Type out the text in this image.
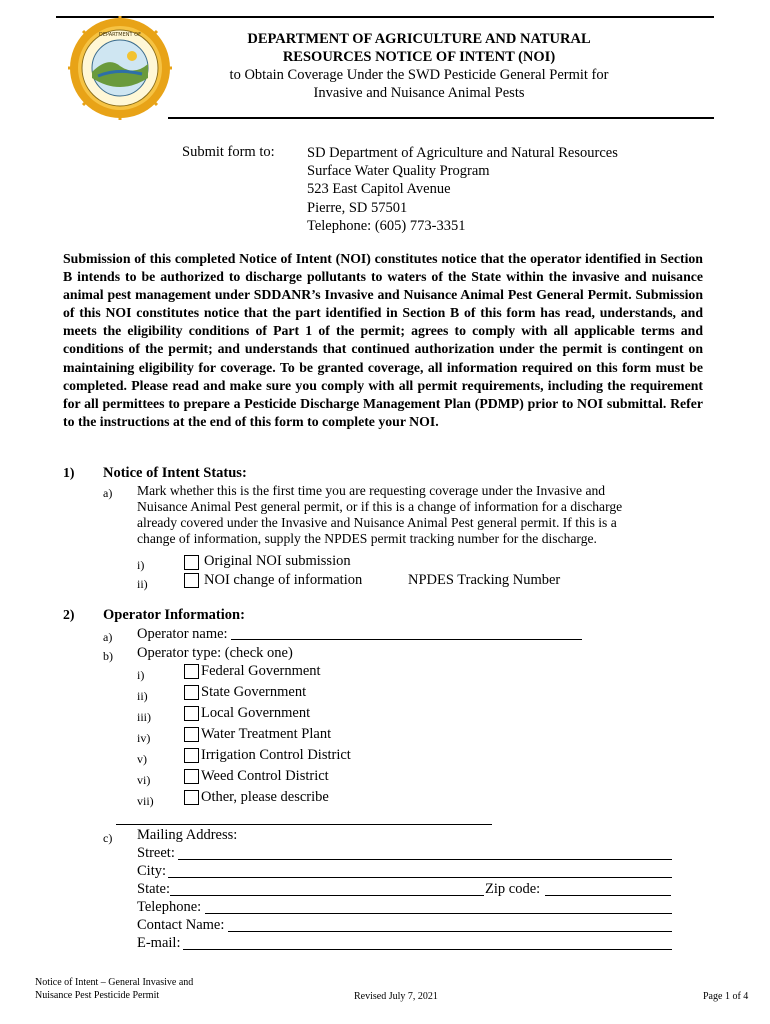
DEPARTMENT OF	DEPARTMENT OF AGRICULTURE AND NATURAL
RESOURCES NOTICE OF INTENT (NOI)
to Obtain Coverage Under the SWD Pesticide General Permit for
Invasive and Nuisance Animal Pests
Submit form to: SD Department of Agriculture and Natural Resources
Surface Water Quality Program
523 East Capitol Avenue
Pierre, SD 57501
Telephone: (605) 773-3351
Submission of this completed Notice of Intent (NOI) constitutes notice that the operator identified in Section B intends to be authorized to discharge pollutants to waters of the State within the invasive and nuisance animal pest management under SDDANR’s Invasive and Nuisance Animal Pest General Permit. Submission of this NOI constitutes notice that the part identified in Section B of this form has read, understands, and meets the eligibility conditions of Part 1 of the permit; agrees to comply with all applicable terms and conditions of the permit; and understands that continued authorization under the permit is contingent on maintaining eligibility for coverage. To be granted coverage, all information required on this form must be completed. Please read and make sure you comply with all permit requirements, including the requirement for all permittees to prepare a Pesticide Discharge Management Plan (PDMP) prior to NOI submittal. Refer to the instructions at the end of this form to complete your NOI.
1) Notice of Intent Status:
a) Mark whether this is the first time you are requesting coverage under the Invasive and
Nuisance Animal Pest general permit, or if this is a change of information for a discharge
already covered under the Invasive and Nuisance Animal Pest general permit. If this is a
change of information, supply the NPDES permit tracking number for the discharge.
i)	Original NOI submission
ii)	NOI change of information	NPDES Tracking Number
2) Operator Information:
a) Operator name:
b) Operator type: (check one)
i)	Federal Government
ii)	State Government
iii)	Local Government
iv)	Water Treatment Plant
v)	Irrigation Control District
vi)	Weed Control District
vii)	Other, please describe
c) Mailing Address:
Street:
City:
State:	Zip code:
Telephone:
Contact Name:
E-mail:
Notice of Intent – General Invasive and
Nuisance Pest Pesticide Permit	Revised July 7, 2021	Page 1 of 4
